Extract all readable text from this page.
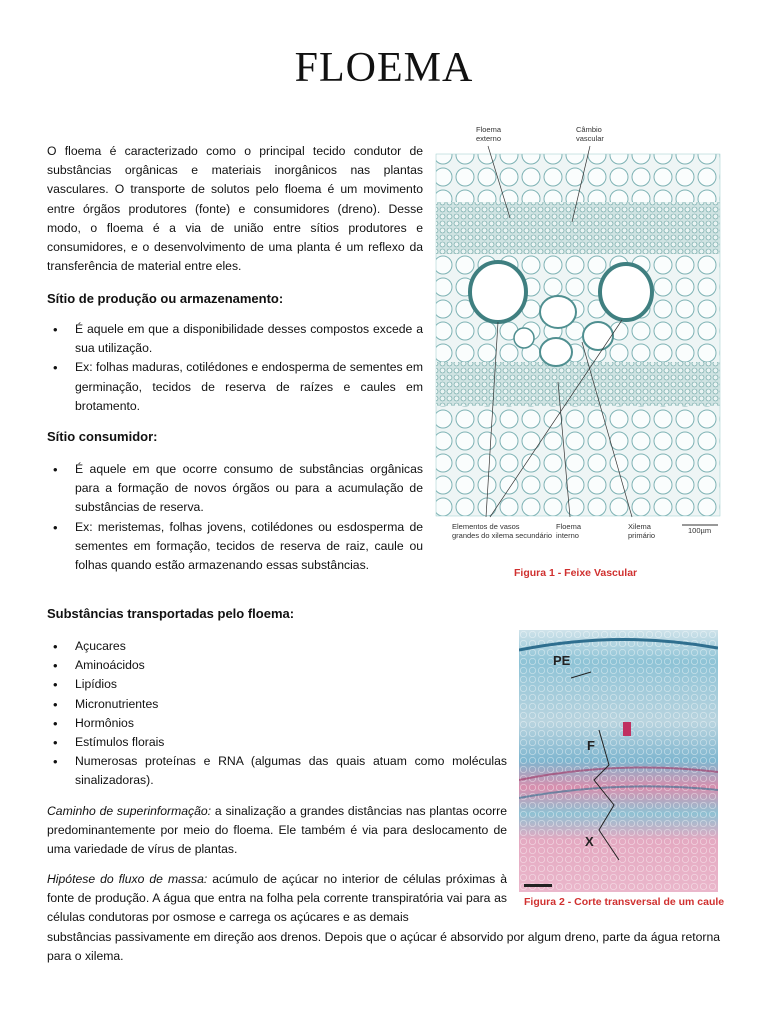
FLOEMA

O floema é caracterizado como o principal tecido condutor de substâncias orgânicas e materiais inorgânicos nas plantas vasculares. O transporte de solutos pelo floema é um movimento entre órgãos produtores (fonte) e consumidores (dreno). Desse modo, o floema é a via de união entre sítios produtores e consumidores, e o desenvolvimento de uma planta é um reflexo da transferência de material entre eles.

Sítio de produção ou armazenamento:

• É aquele em que a disponibilidade desses compostos excede a sua utilização.
• Ex: folhas maduras, cotilédones e endosperma de sementes em germinação, tecidos de reserva de raízes e caules em brotamento.

Sítio consumidor:

• É aquele em que ocorre consumo de substâncias orgânicas para a formação de novos órgãos ou para a acumulação de substâncias de reserva.
• Ex: meristemas, folhas jovens, cotilédones ou esdosperma de sementes em formação, tecidos de reserva de raiz, caule ou folhas quando estão armazenando essas substâncias.

Substâncias transportadas pelo floema:

• Açucares
• Aminoácidos
• Lipídios
• Micronutrientes
• Hormônios
• Estímulos florais
• Numerosas proteínas e RNA (algumas das quais atuam como moléculas sinalizadoras).

Caminho de superinformação: a sinalização a grandes distâncias nas plantas ocorre predominantemente por meio do floema. Ele também é via para deslocamento de uma variedade de vírus de plantas.

Hipótese do fluxo de massa: acúmulo de açúcar no interior de células próximas à fonte de produção. A água que entra na folha pela corrente transpiratória vai para as células condutoras por osmose e carrega os açúcares e as demais

substâncias passivamente em direção aos drenos. Depois que o açúcar é absorvido por algum dreno, parte da água retorna para o xilema.

Floema
externo
Câmbio
vascular
Elementos de vasos
grandes do xilema secundário
Floema
interno
Xilema
primário
100µm
Figura 1 - Feixe Vascular
PE
F
X
Figura 2 - Corte transversal de um caule
